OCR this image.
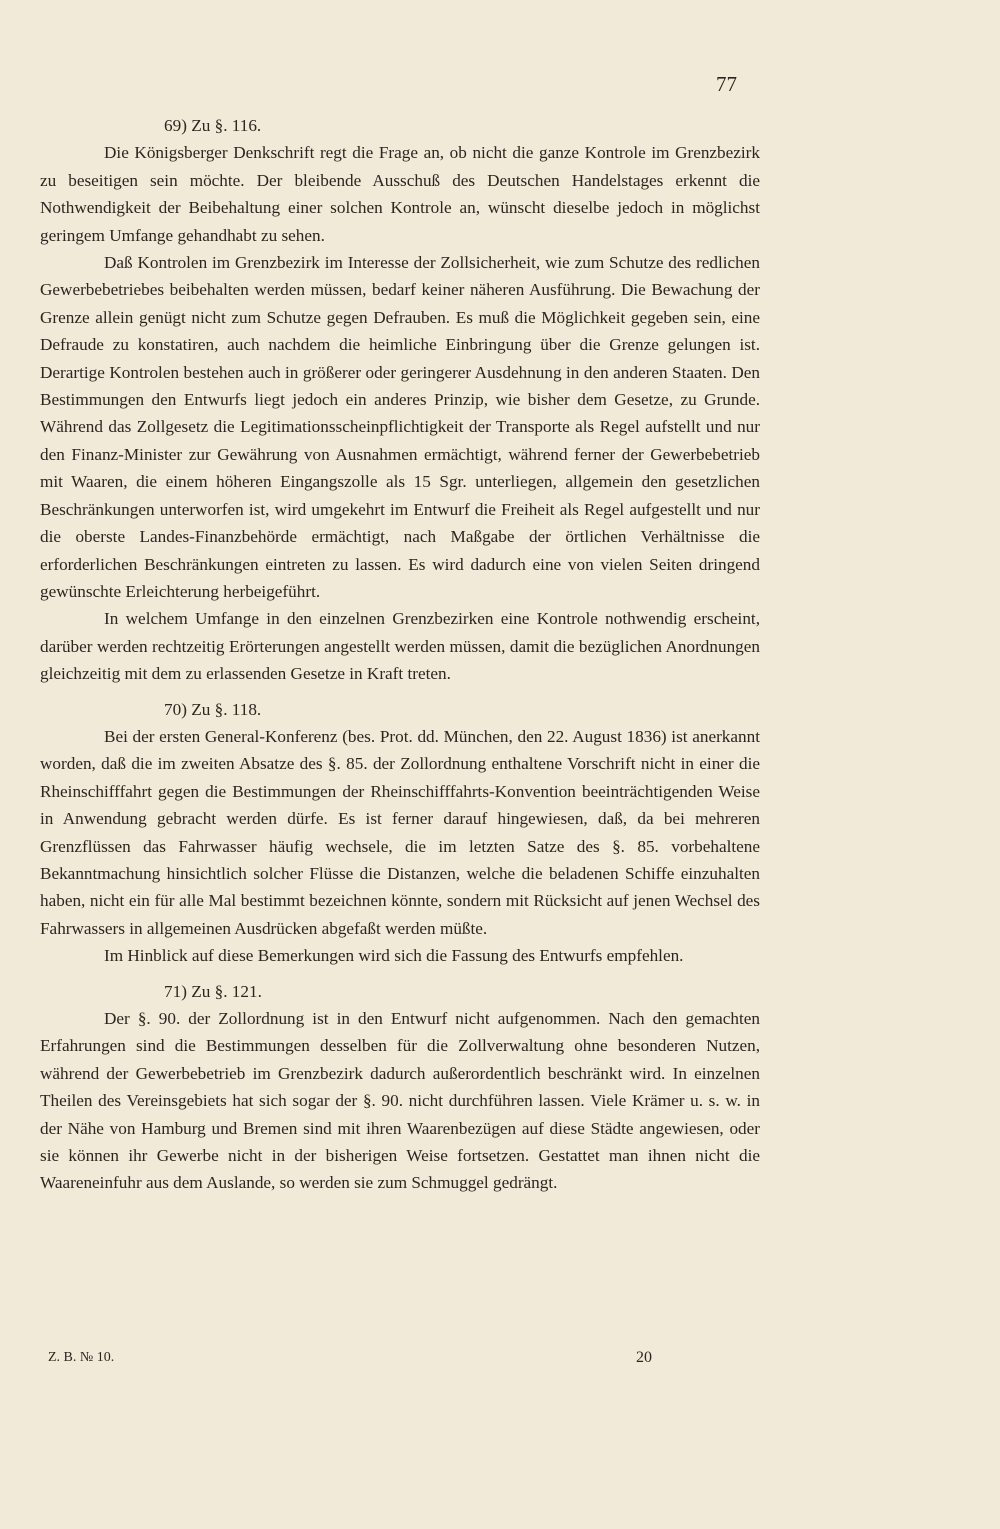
77

69) Zu §. 116.

Die Königsberger Denkschrift regt die Frage an, ob nicht die ganze Kontrole im Grenzbezirk zu beseitigen sein möchte. Der bleibende Ausschuß des Deutschen Handelstages erkennt die Nothwendigkeit der Beibehaltung einer solchen Kontrole an, wünscht dieselbe jedoch in möglichst geringem Umfange gehandhabt zu sehen.

Daß Kontrolen im Grenzbezirk im Interesse der Zollsicherheit, wie zum Schutze des redlichen Gewerbebetriebes beibehalten werden müssen, bedarf keiner näheren Ausführung. Die Bewachung der Grenze allein genügt nicht zum Schutze gegen Defrauben. Es muß die Möglichkeit gegeben sein, eine Defraude zu konstatiren, auch nachdem die heimliche Einbringung über die Grenze gelungen ist. Derartige Kontrolen bestehen auch in größerer oder geringerer Ausdehnung in den anderen Staaten. Den Bestimmungen den Entwurfs liegt jedoch ein anderes Prinzip, wie bisher dem Gesetze, zu Grunde. Während das Zollgesetz die Legitimationsscheinpflichtigkeit der Transporte als Regel aufstellt und nur den Finanz-Minister zur Gewährung von Ausnahmen ermächtigt, während ferner der Gewerbebetrieb mit Waaren, die einem höheren Eingangszolle als 15 Sgr. unterliegen, allgemein den gesetzlichen Beschränkungen unterworfen ist, wird umgekehrt im Entwurf die Freiheit als Regel aufgestellt und nur die oberste Landes-Finanzbehörde ermächtigt, nach Maßgabe der örtlichen Verhältnisse die erforderlichen Beschränkungen eintreten zu lassen. Es wird dadurch eine von vielen Seiten dringend gewünschte Erleichterung herbeigeführt.

In welchem Umfange in den einzelnen Grenzbezirken eine Kontrole nothwendig erscheint, darüber werden rechtzeitig Erörterungen angestellt werden müssen, damit die bezüglichen Anordnungen gleichzeitig mit dem zu erlassenden Gesetze in Kraft treten.

70) Zu §. 118.

Bei der ersten General-Konferenz (bes. Prot. dd. München, den 22. August 1836) ist anerkannt worden, daß die im zweiten Absatze des §. 85. der Zollordnung enthaltene Vorschrift nicht in einer die Rheinschifffahrt gegen die Bestimmungen der Rheinschifffahrts-Konvention beeinträchtigenden Weise in Anwendung gebracht werden dürfe. Es ist ferner darauf hingewiesen, daß, da bei mehreren Grenzflüssen das Fahrwasser häufig wechsele, die im letzten Satze des §. 85. vorbehaltene Bekanntmachung hinsichtlich solcher Flüsse die Distanzen, welche die beladenen Schiffe einzuhalten haben, nicht ein für alle Mal bestimmt bezeichnen könnte, sondern mit Rücksicht auf jenen Wechsel des Fahrwassers in allgemeinen Ausdrücken abgefaßt werden müßte.

Im Hinblick auf diese Bemerkungen wird sich die Fassung des Entwurfs empfehlen.

71) Zu §. 121.

Der §. 90. der Zollordnung ist in den Entwurf nicht aufgenommen. Nach den gemachten Erfahrungen sind die Bestimmungen desselben für die Zollverwaltung ohne besonderen Nutzen, während der Gewerbebetrieb im Grenzbezirk dadurch außerordentlich beschränkt wird. In einzelnen Theilen des Vereinsgebiets hat sich sogar der §. 90. nicht durchführen lassen. Viele Krämer u. s. w. in der Nähe von Hamburg und Bremen sind mit ihren Waarenbezügen auf diese Städte angewiesen, oder sie können ihr Gewerbe nicht in der bisherigen Weise fortsetzen. Gestattet man ihnen nicht die Waareneinfuhr aus dem Auslande, so werden sie zum Schmuggel gedrängt.

Z. B. № 10.	20
